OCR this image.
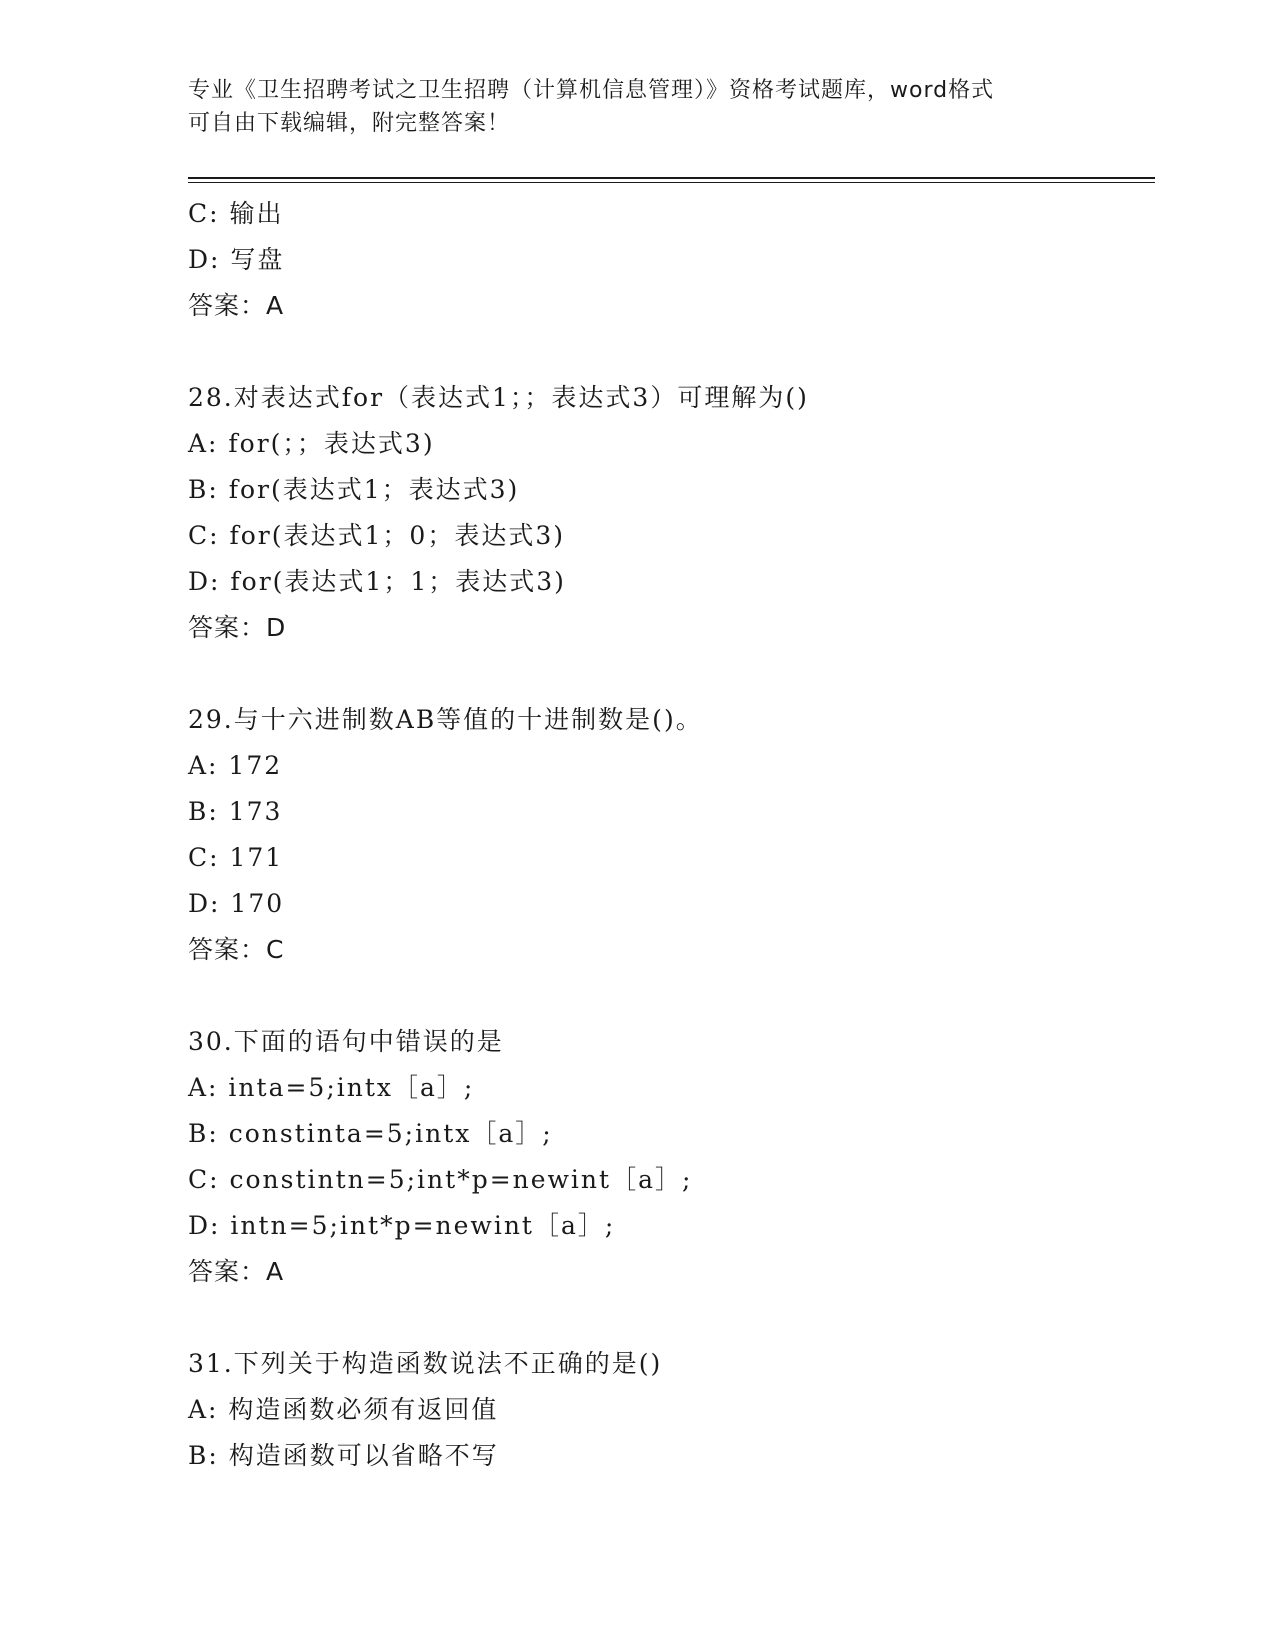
专业《卫生招聘考试之卫生招聘（计算机信息管理）》资格考试题库，word格式
可自由下载编辑，附完整答案！
C: 输出
D: 写盘
答案：A
28.对表达式for（表达式1；；表达式3）可理解为()
A: for(；；表达式3)
B: for(表达式1；表达式3)
C: for(表达式1；0；表达式3)
D: for(表达式1；1；表达式3)
答案：D
29.与十六进制数AB等值的十进制数是()。
A: 172
B: 173
C: 171
D: 170
答案：C
30.下面的语句中错误的是
A: inta=5;intx［a］;
B: constinta=5;intx［a］;
C: constintn=5;int*p=newint［a］;
D: intn=5;int*p=newint［a］;
答案：A
31.下列关于构造函数说法不正确的是()
A: 构造函数必须有返回值
B: 构造函数可以省略不写
